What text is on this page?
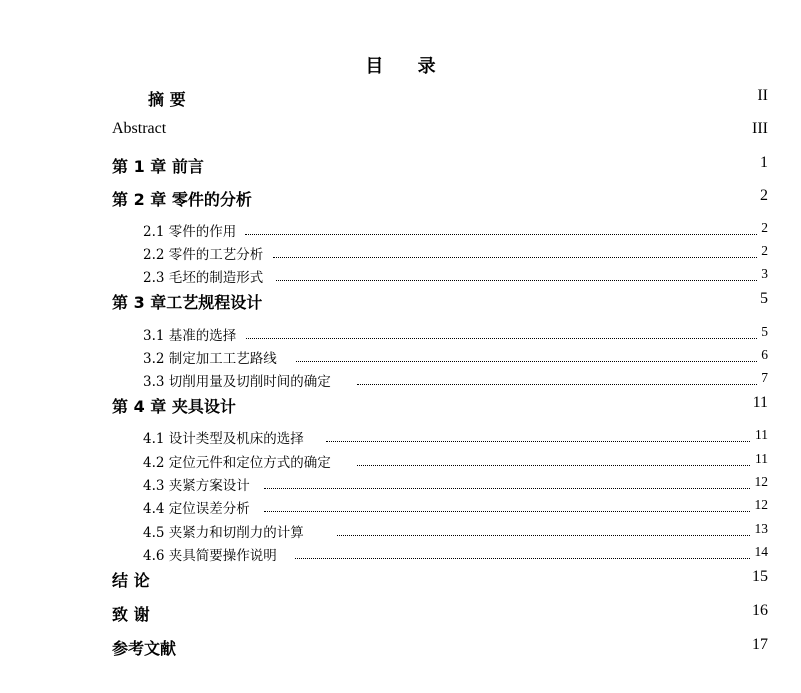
目 录
摘 要	II
Abstract	III
第 1 章 前言	1
第 2 章 零件的分析	2
2.1 零件的作用	2
2.2 零件的工艺分析	2
2.3 毛坯的制造形式	3
第 3 章工艺规程设计	5
3.1 基准的选择	5
3.2 制定加工工艺路线	6
3.3 切削用量及切削时间的确定	7
第 4 章 夹具设计	11
4.1 设计类型及机床的选择	11
4.2 定位元件和定位方式的确定	11
4.3 夹紧方案设计	12
4.4 定位误差分析	12
4.5 夹紧力和切削力的计算	13
4.6 夹具简要操作说明	14
结 论	15
致 谢	16
参考文献	17
